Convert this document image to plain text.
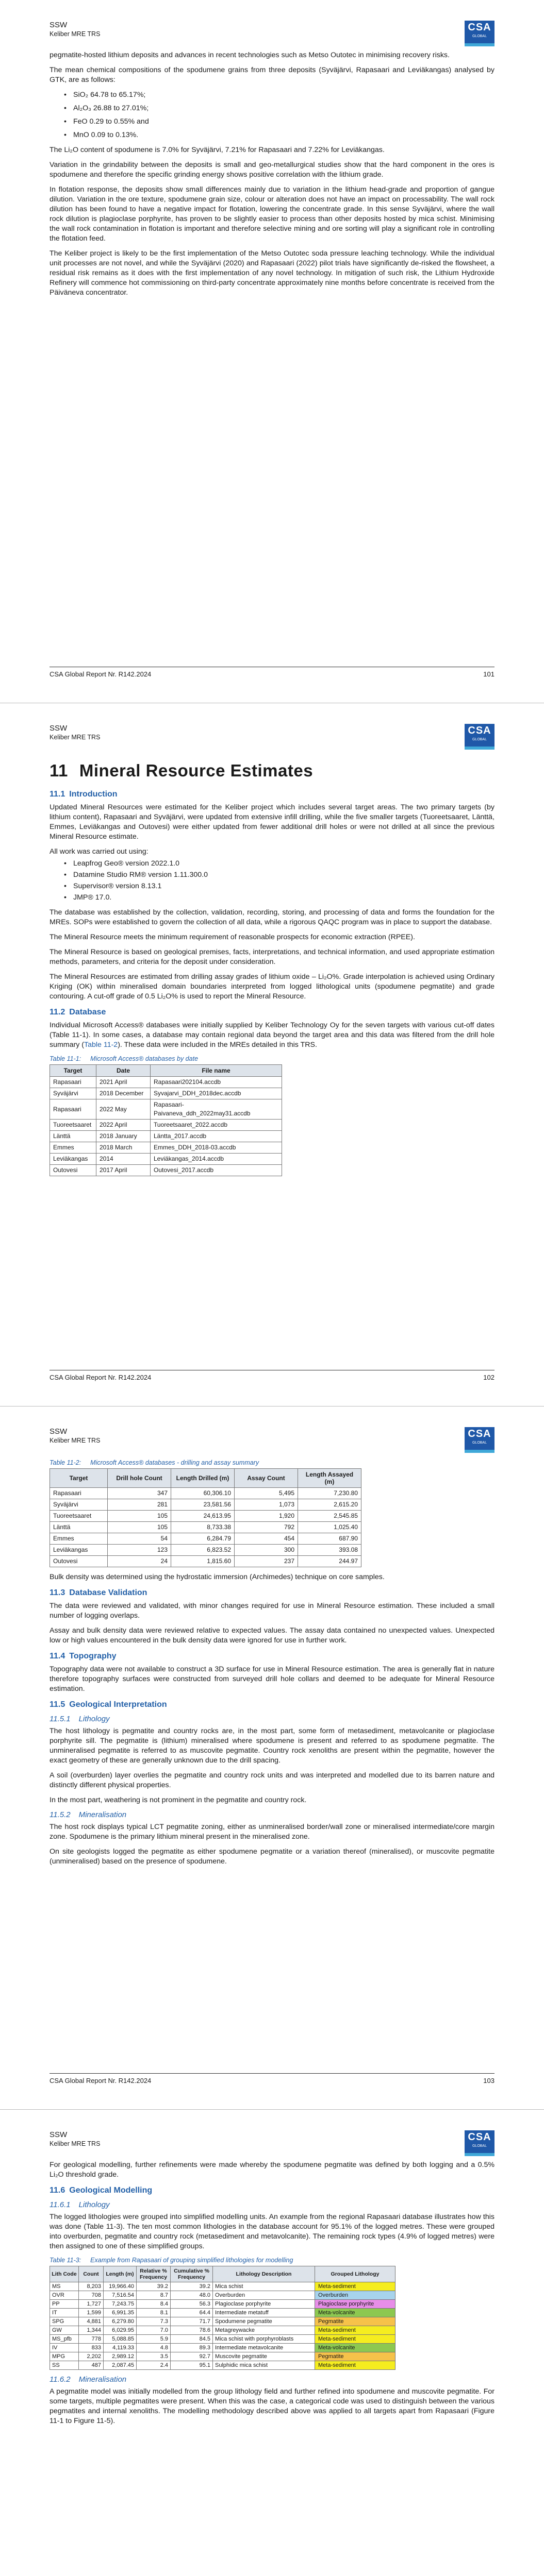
SSW
Keliber MRE TRS
CSA
GLOBAL

pegmatite-hosted lithium deposits and advances in recent technologies such as Metso Outotec in minimising recovery risks.

The mean chemical compositions of the spodumene grains from three deposits (Syväjärvi, Rapasaari and Leviäkangas) analysed by GTK, are as follows:

• SiO₂ 64.78 to 65.17%;
• Al₂O₃ 26.88 to 27.01%;
• FeO 0.29 to 0.55% and
• MnO 0.09 to 0.13%.

The Li₂O content of spodumene is 7.0% for Syväjärvi, 7.21% for Rapasaari and 7.22% for Leviäkangas.

Variation in the grindability between the deposits is small and geo-metallurgical studies show that the hard component in the ores is spodumene and therefore the specific grinding energy shows positive correlation with the lithium grade.

In flotation response, the deposits show small differences mainly due to variation in the lithium head-grade and proportion of gangue dilution. Variation in the ore texture, spodumene grain size, colour or alteration does not have an impact on processability. The wall rock dilution has been found to have a negative impact for flotation, lowering the concentrate grade. In this sense Syväjärvi, where the wall rock dilution is plagioclase porphyrite, has proven to be slightly easier to process than other deposits hosted by mica schist. Minimising the wall rock contamination in flotation is important and therefore selective mining and ore sorting will play a significant role in controlling the flotation feed.

The Keliber project is likely to be the first implementation of the Metso Outotec soda pressure leaching technology. While the individual unit processes are not novel, and while the Syväjärvi (2020) and Rapasaari (2022) pilot trials have significantly de-risked the flowsheet, a residual risk remains as it does with the first implementation of any novel technology. In mitigation of such risk, the Lithium Hydroxide Refinery will commence hot commissioning on third-party concentrate approximately nine months before concentrate is received from the Päiväneva concentrator.

CSA Global Report Nr. R142.2024	101
SSW
Keliber MRE TRS
CSA
GLOBAL
11 Mineral Resource Estimates
11.1 Introduction

Updated Mineral Resources were estimated for the Keliber project which includes several target areas. The two primary targets (by lithium content), Rapasaari and Syväjärvi, were updated from extensive infill drilling, while the five smaller targets (Tuoreetsaaret, Länttä, Emmes, Leviäkangas and Outovesi) were either updated from fewer additional drill holes or were not drilled at all since the previous Mineral Resource estimate.

All work was carried out using:

• Leapfrog Geo® version 2022.1.0
• Datamine Studio RM® version 1.11.300.0
• Supervisor® version 8.13.1
• JMP® 17.0.

The database was established by the collection, validation, recording, storing, and processing of data and forms the foundation for the MREs. SOPs were established to govern the collection of all data, while a rigorous QAQC program was in place to support the database.

The Mineral Resource meets the minimum requirement of reasonable prospects for economic extraction (RPEE).

The Mineral Resource is based on geological premises, facts, interpretations, and technical information, and used appropriate estimation methods, parameters, and criteria for the deposit under consideration.

The Mineral Resources are estimated from drilling assay grades of lithium oxide – Li₂O%. Grade interpolation is achieved using Ordinary Kriging (OK) within mineralised domain boundaries interpreted from logged lithological units (spodumene pegmatite) and grade contouring. A cut-off grade of 0.5 Li₂O% is used to report the Mineral Resource.

11.2 Database

Individual Microsoft Access® databases were initially supplied by Keliber Technology Oy for the seven targets with various cut-off dates (Table 11-1). In some cases, a database may contain regional data beyond the target area and this data was filtered from the drill hole summary (Table 11-2). These data were included in the MREs detailed in this TRS.

Table 11-1: Microsoft Access® databases by date
Target	Date	File name
Rapasaari	2021 April	Rapasaari202104.accdb
Syväjärvi	2018 December	Syvajarvi_DDH_2018dec.accdb
Rapasaari	2022 May	Rapasaari-Paivaneva_ddh_2022may31.accdb
Tuoreetsaaret	2022 April	Tuoreetsaaret_2022.accdb
Länttä	2018 January	Läntta_2017.accdb
Emmes	2018 March	Emmes_DDH_2018-03.accdb
Leviäkangas	2014	Leviäkangas_2014.accdb
Outovesi	2017 April	Outovesi_2017.accdb
CSA Global Report Nr. R142.2024	102
SSW
Keliber MRE TRS
CSA
GLOBAL
Table 11-2: Microsoft Access® databases - drilling and assay summary
Target	Drill hole Count	Length Drilled (m)	Assay Count	Length Assayed (m)
Rapasaari	347	60,306.10	5,495	7,230.80
Syväjärvi	281	23,581.56	1,073	2,615.20
Tuoreetsaaret	105	24,613.95	1,920	2,545.85
Länttä	105	8,733.38	792	1,025.40
Emmes	54	6,284.79	454	687.90
Leviäkangas	123	6,823.52	300	393.08
Outovesi	24	1,815.60	237	244.97

Bulk density was determined using the hydrostatic immersion (Archimedes) technique on core samples.

11.3 Database Validation

The data were reviewed and validated, with minor changes required for use in Mineral Resource estimation. These included a small number of logging overlaps.

Assay and bulk density data were reviewed relative to expected values. The assay data contained no unexpected values. Unexpected low or high values encountered in the bulk density data were ignored for use in further work.

11.4 Topography

Topography data were not available to construct a 3D surface for use in Mineral Resource estimation. The area is generally flat in nature therefore topography surfaces were constructed from surveyed drill hole collars and deemed to be adequate for Mineral Resource estimation.

11.5 Geological Interpretation
11.5.1 Lithology

The host lithology is pegmatite and country rocks are, in the most part, some form of metasediment, metavolcanite or plagioclase porphyrite sill. The pegmatite is (lithium) mineralised where spodumene is present and referred to as spodumene pegmatite. The unmineralised pegmatite is referred to as muscovite pegmatite. Country rock xenoliths are present within the pegmatite, however the exact geometry of these are generally unknown due to the drill spacing.

A soil (overburden) layer overlies the pegmatite and country rock units and was interpreted and modelled due to its barren nature and distinctly different physical properties.

In the most part, weathering is not prominent in the pegmatite and country rock.

11.5.2 Mineralisation

The host rock displays typical LCT pegmatite zoning, either as unmineralised border/wall zone or mineralised intermediate/core margin zone. Spodumene is the primary lithium mineral present in the mineralised zone.

On site geologists logged the pegmatite as either spodumene pegmatite or a variation thereof (mineralised), or muscovite pegmatite (unmineralised) based on the presence of spodumene.

CSA Global Report Nr. R142.2024	103
SSW
Keliber MRE TRS
CSA
GLOBAL

For geological modelling, further refinements were made whereby the spodumene pegmatite was defined by both logging and a 0.5% Li₂O threshold grade.

11.6 Geological Modelling
11.6.1 Lithology

The logged lithologies were grouped into simplified modelling units. An example from the regional Rapasaari database illustrates how this was done (Table 11-3). The ten most common lithologies in the database account for 95.1% of the logged metres. These were grouped into overburden, pegmatite and country rock (metasediment and metavolcanite). The remaining rock types (4.9% of logged metres) were then assigned to one of these simplified groups.

Table 11-3: Example from Rapasaari of grouping simplified lithologies for modelling
Lith Code	Count	Length (m)	Relative % Frequency	Cumulative % Frequency	Lithology Description	Grouped Lithology
MS	8,203	19,966.40	39.2	39.2	Mica schist	Meta-sediment

OVR	708	7,516.54	8.7	48.0	Overburden	Overburden

PP	1,727	7,243.75	8.4	56.3	Plagioclase porphyrite	Plagioclase porphyrite

IT	1,599	6,991.35	8.1	64.4	Intermediate metatuff	Meta-volcanite

SPG	4,881	6,279.80	7.3	71.7	Spodumene pegmatite	Pegmatite

GW	1,344	6,029.95	7.0	78.6	Metagreywacke	Meta-sediment

MS_pfb	778	5,088.85	5.9	84.5	Mica schist with porphyroblasts	Meta-sediment

IV	833	4,119.33	4.8	89.3	Intermediate metavolcanite	Meta-volcanite

MPG	2,202	2,989.12	3.5	92.7	Muscovite pegmatite	Pegmatite

SS	487	2,087.45	2.4	95.1	Sulphidic mica schist	Meta-sediment
11.6.2 Mineralisation

A pegmatite model was initially modelled from the group lithology field and further refined into spodumene and muscovite pegmatite. For some targets, multiple pegmatites were present. When this was the case, a categorical code was used to distinguish between the various pegmatites and internal xenoliths. The modelling methodology described above was applied to all targets apart from Rapasaari (Figure 11-1 to Figure 11-5).
